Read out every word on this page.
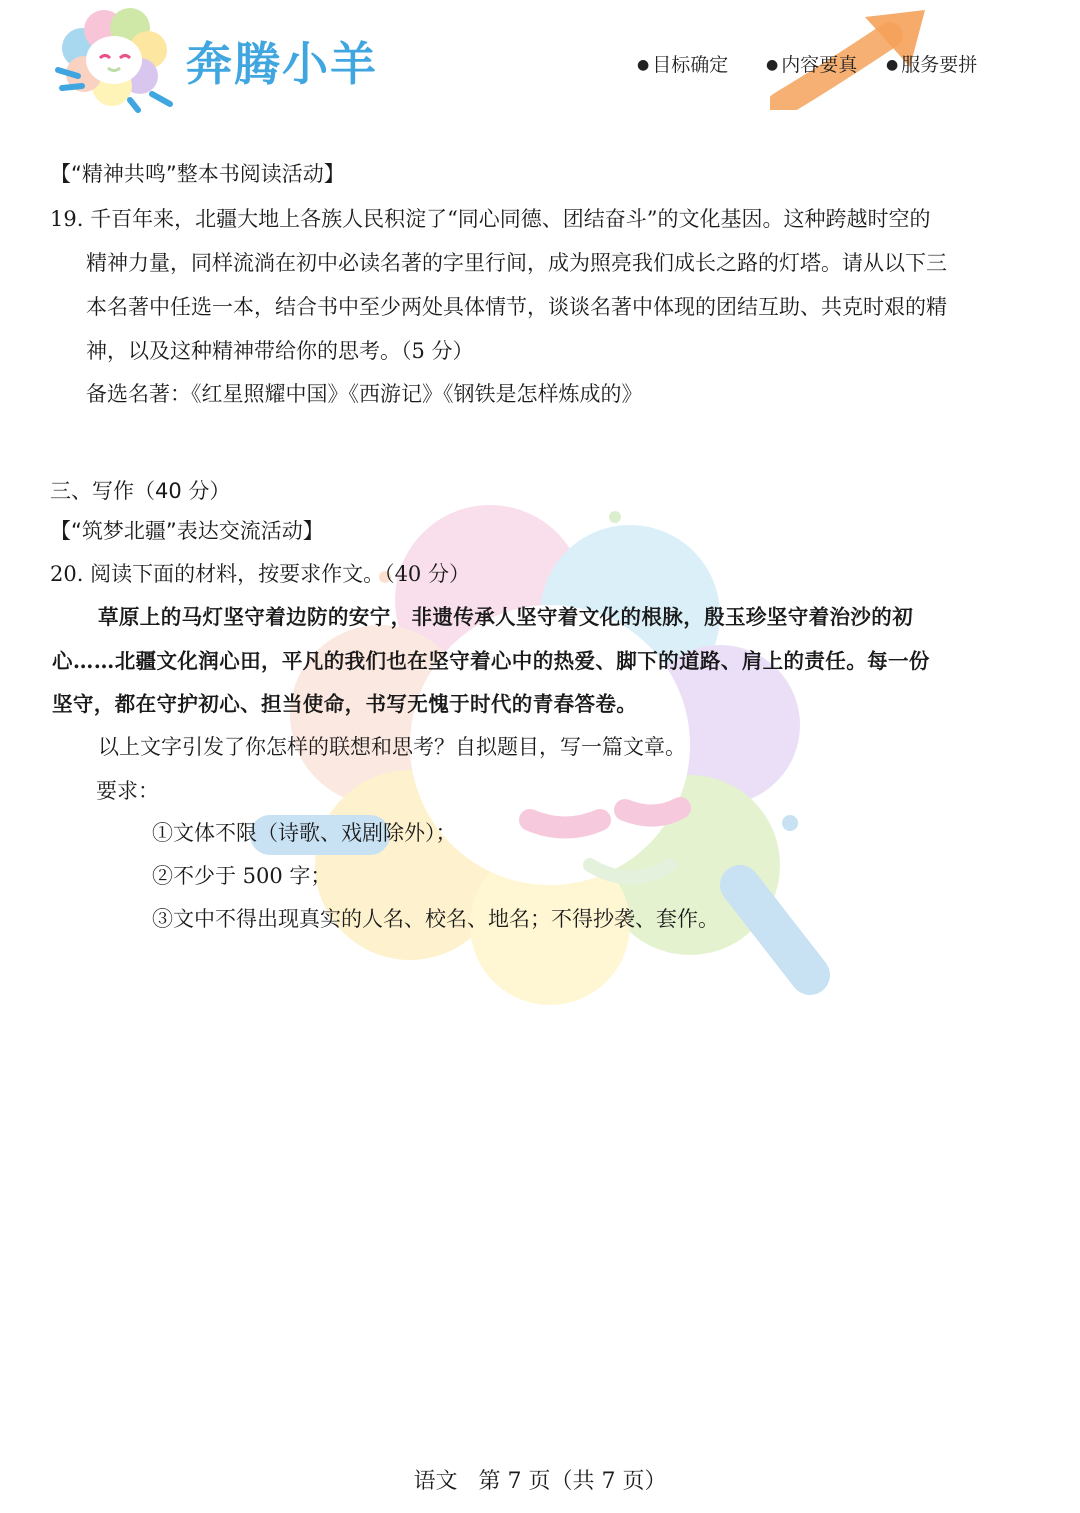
奔腾小羊	● 目标确定	● 内容要真	● 服务要拼
【“精神共鸣”整本书阅读活动】
19. 千百年来，北疆大地上各族人民积淀了“同心同德、团结奋斗”的文化基因。这种跨越时空的
精神力量，同样流淌在初中必读名著的字里行间，成为照亮我们成长之路的灯塔。请从以下三
本名著中任选一本，结合书中至少两处具体情节，谈谈名著中体现的团结互助、共克时艰的精
神，以及这种精神带给你的思考。（5 分）
备选名著：《红星照耀中国》《西游记》《钢铁是怎样炼成的》
三、写作（40 分）
【“筑梦北疆”表达交流活动】
20. 阅读下面的材料，按要求作文。（40 分）
草原上的马灯坚守着边防的安宁，非遗传承人坚守着文化的根脉，殷玉珍坚守着治沙的初
心……北疆文化润心田，平凡的我们也在坚守着心中的热爱、脚下的道路、肩上的责任。每一份
坚守，都在守护初心、担当使命，书写无愧于时代的青春答卷。
以上文字引发了你怎样的联想和思考？自拟题目，写一篇文章。
要求：
①文体不限（诗歌、戏剧除外）；
②不少于 500 字；
③文中不得出现真实的人名、校名、地名；不得抄袭、套作。
语文   第 7 页（共 7 页）
